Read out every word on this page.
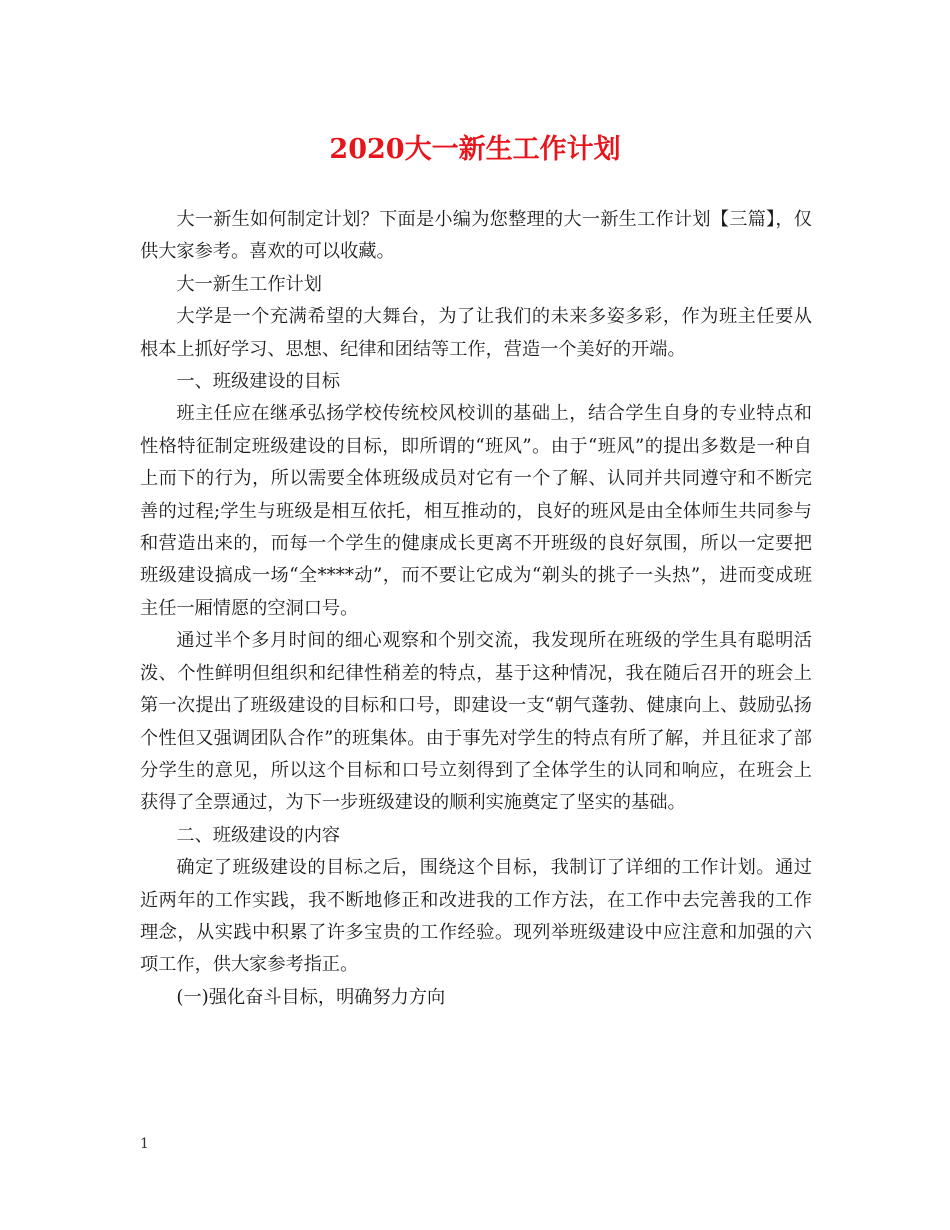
2020大一新生工作计划

大一新生如何制定计划？下面是小编为您整理的大一新生工作计划【三篇】，仅供大家参考。喜欢的可以收藏。

大一新生工作计划

大学是一个充满希望的大舞台，为了让我们的未来多姿多彩，作为班主任要从根本上抓好学习、思想、纪律和团结等工作，营造一个美好的开端。

一、班级建设的目标

班主任应在继承弘扬学校传统校风校训的基础上，结合学生自身的专业特点和性格特征制定班级建设的目标，即所谓的“班风”。由于“班风”的提出多数是一种自上而下的行为，所以需要全体班级成员对它有一个了解、认同并共同遵守和不断完善的过程;学生与班级是相互依托，相互推动的，良好的班风是由全体师生共同参与和营造出来的，而每一个学生的健康成长更离不开班级的良好氛围，所以一定要把班级建设搞成一场“全****动”，而不要让它成为“剃头的挑子一头热”，进而变成班主任一厢情愿的空洞口号。

通过半个多月时间的细心观察和个别交流，我发现所在班级的学生具有聪明活泼、个性鲜明但组织和纪律性稍差的特点，基于这种情况，我在随后召开的班会上第一次提出了班级建设的目标和口号，即建设一支“朝气蓬勃、健康向上、鼓励弘扬个性但又强调团队合作”的班集体。由于事先对学生的特点有所了解，并且征求了部分学生的意见，所以这个目标和口号立刻得到了全体学生的认同和响应，在班会上获得了全票通过，为下一步班级建设的顺利实施奠定了坚实的基础。

二、班级建设的内容

确定了班级建设的目标之后，围绕这个目标，我制订了详细的工作计划。通过近两年的工作实践，我不断地修正和改进我的工作方法，在工作中去完善我的工作理念，从实践中积累了许多宝贵的工作经验。现列举班级建设中应注意和加强的六项工作，供大家参考指正。

(一)强化奋斗目标，明确努力方向

1
